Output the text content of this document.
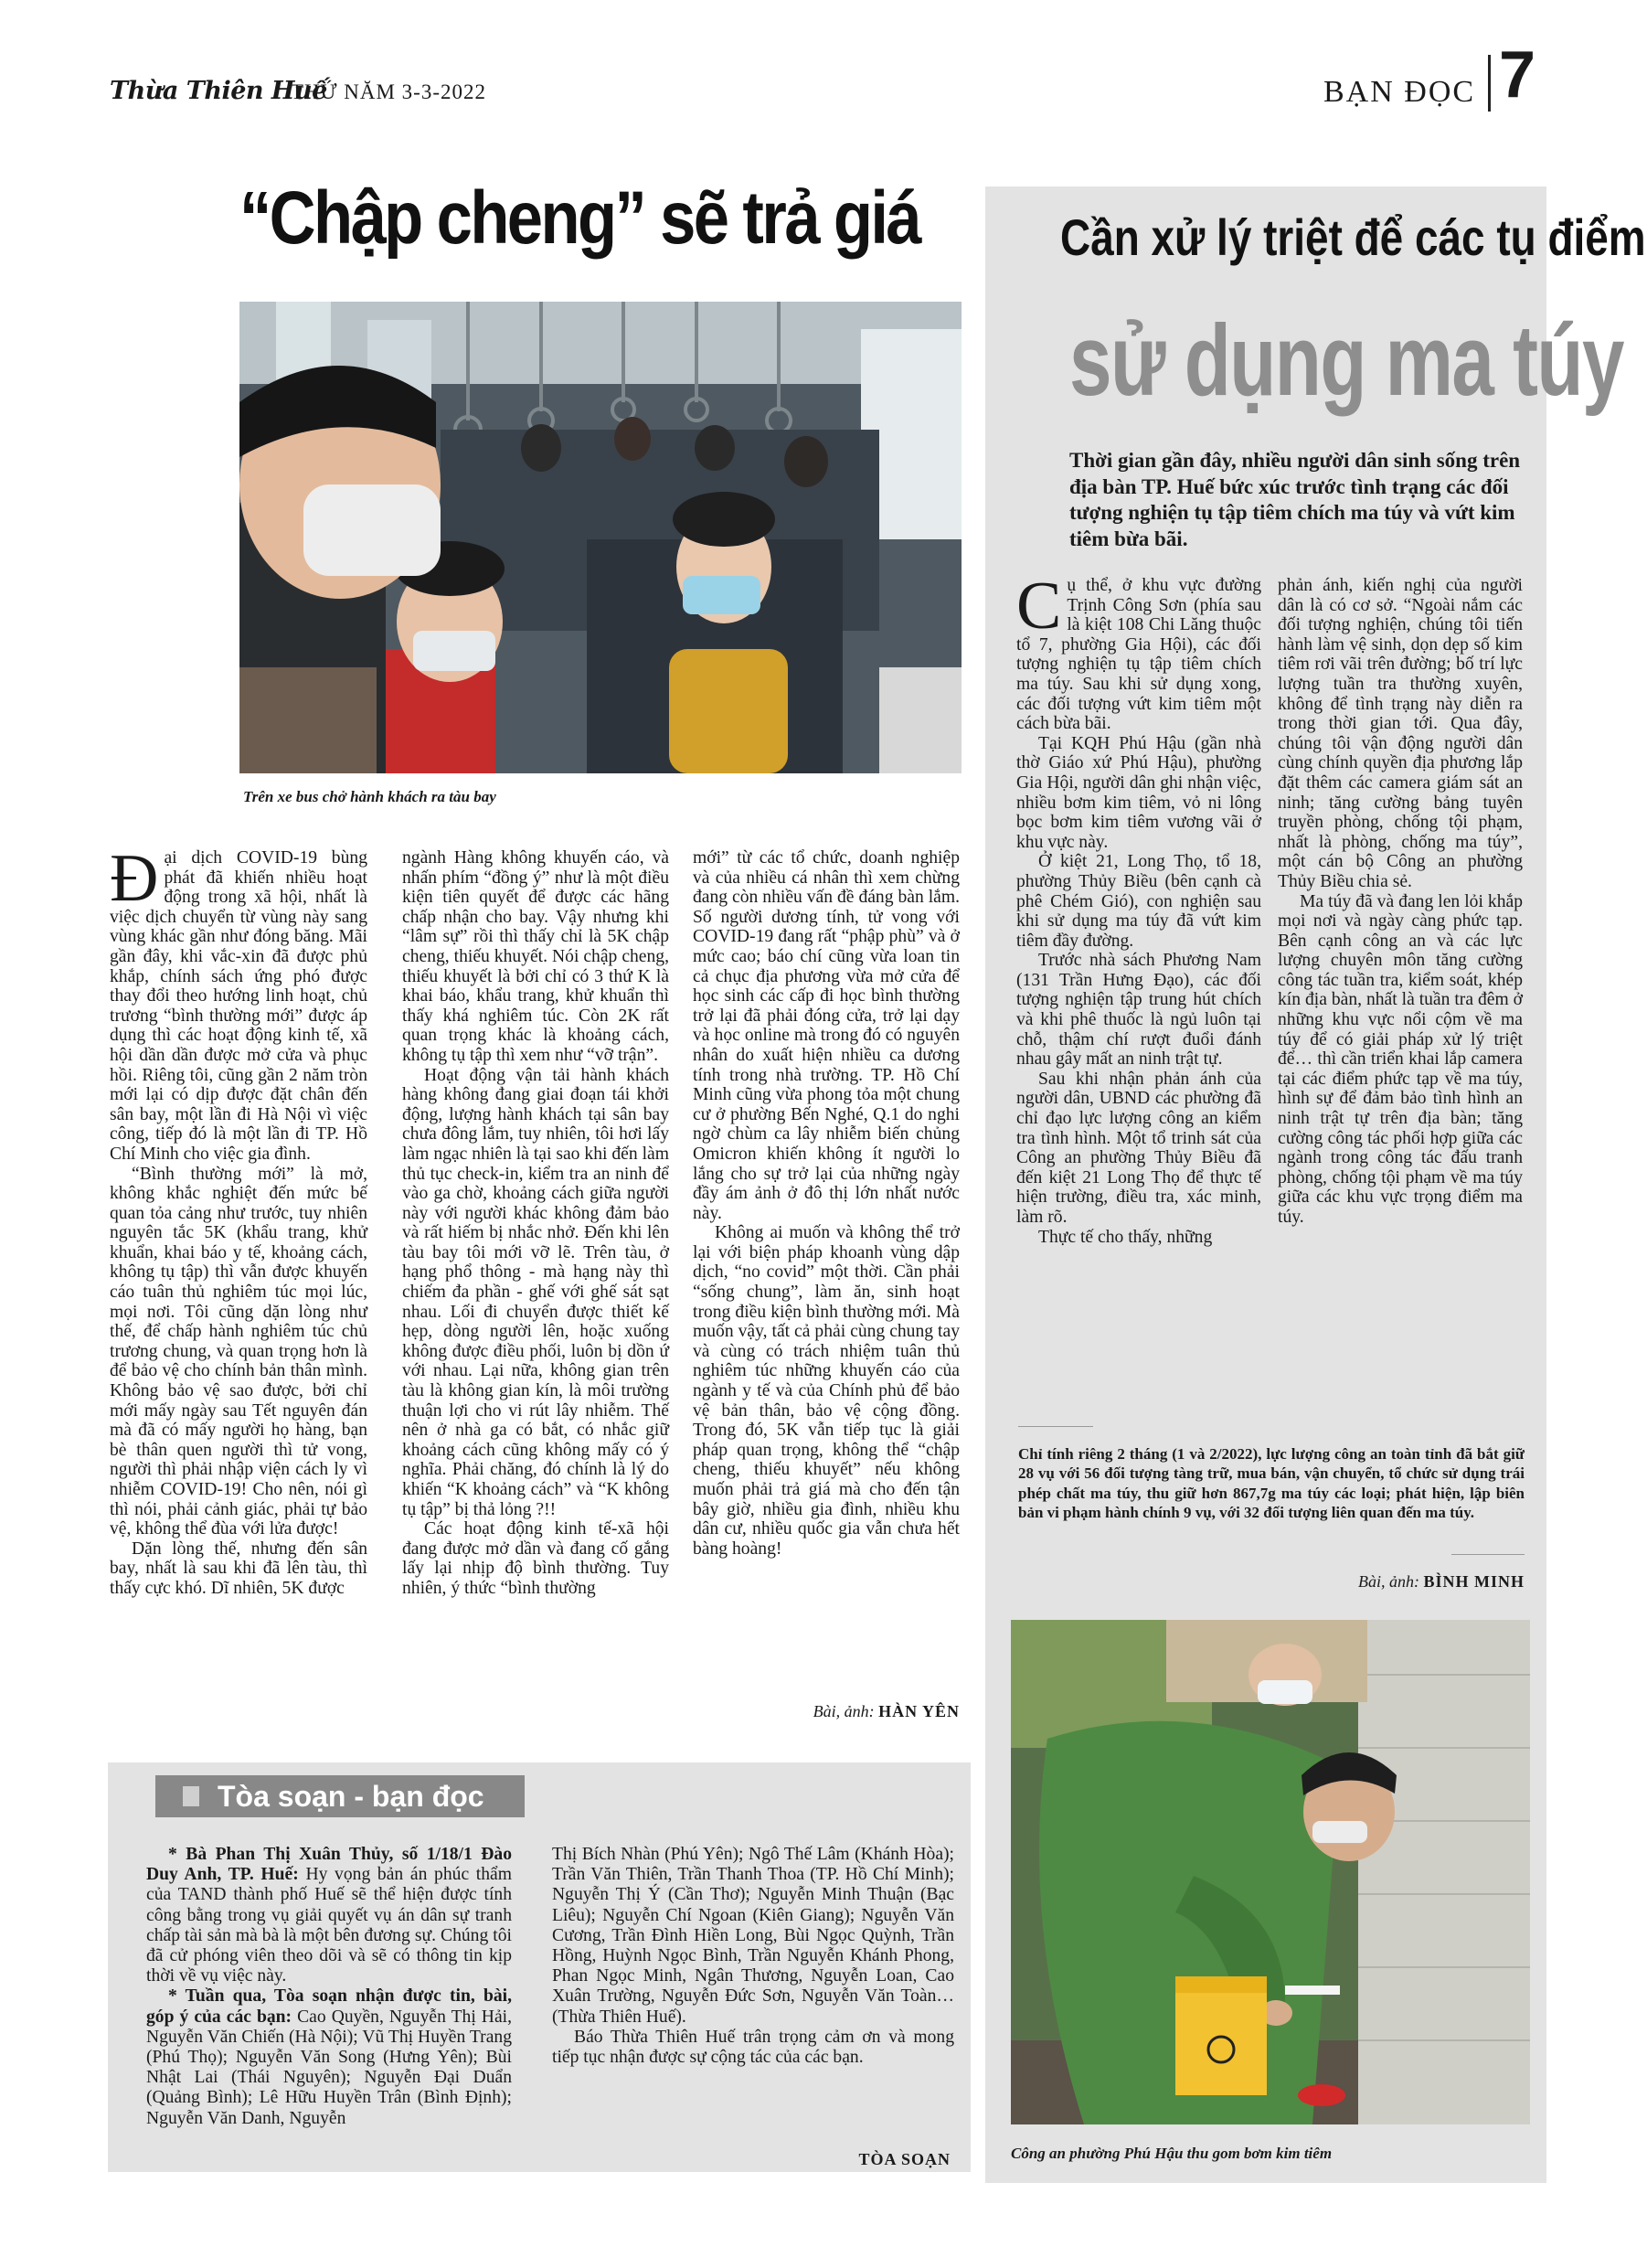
Thừa Thiên Huế
THỨ NĂM 3-3-2022	BẠN ĐỌC 7
“Chập cheng” sẽ trả giá
Trên xe bus chở hành khách ra tàu bay

Đại dịch COVID-19 bùng phát đã khiến nhiều hoạt động trong xã hội, nhất là việc dịch chuyển từ vùng này sang vùng khác gần như đóng băng. Mãi gần đây, khi vắc-xin đã được phủ khắp, chính sách ứng phó được thay đổi theo hướng linh hoạt, chủ trương “bình thường mới” được áp dụng thì các hoạt động kinh tế, xã hội dần dần được mở cửa và phục hồi. Riêng tôi, cũng gần 2 năm tròn mới lại có dịp được đặt chân đến sân bay, một lần đi Hà Nội vì việc công, tiếp đó là một lần đi TP. Hồ Chí Minh cho việc gia đình.

“Bình thường mới” là mở, không khắc nghiệt đến mức bế quan tỏa cảng như trước, tuy nhiên nguyên tắc 5K (khẩu trang, khử khuẩn, khai báo y tế, khoảng cách, không tụ tập) thì vẫn được khuyến cáo tuân thủ nghiêm túc mọi lúc, mọi nơi. Tôi cũng dặn lòng như thế, để chấp hành nghiêm túc chủ trương chung, và quan trọng hơn là để bảo vệ cho chính bản thân mình. Không bảo vệ sao được, bởi chỉ mới mấy ngày sau Tết nguyên đán mà đã có mấy người họ hàng, bạn bè thân quen người thì tử vong, người thì phải nhập viện cách ly vì nhiễm COVID-19! Cho nên, nói gì thì nói, phải cảnh giác, phải tự bảo vệ, không thể đùa với lửa được!

Dặn lòng thế, nhưng đến sân bay, nhất là sau khi đã lên tàu, thì thấy cực khó. Dĩ nhiên, 5K được

ngành Hàng không khuyến cáo, và nhấn phím “đồng ý” như là một điều kiện tiên quyết để được các hãng chấp nhận cho bay. Vậy nhưng khi “lâm sự” rồi thì thấy chỉ là 5K chập cheng, thiếu khuyết. Nói chập cheng, thiếu khuyết là bởi chỉ có 3 thứ K là khai báo, khẩu trang, khử khuẩn thì thấy khá nghiêm túc. Còn 2K rất quan trọng khác là khoảng cách, không tụ tập thì xem như “vỡ trận”.

Hoạt động vận tải hành khách hàng không đang giai đoạn tái khởi động, lượng hành khách tại sân bay chưa đông lắm, tuy nhiên, tôi hơi lấy làm ngạc nhiên là tại sao khi đến làm thủ tục check-in, kiểm tra an ninh để vào ga chờ, khoảng cách giữa người này với người khác không đảm bảo và rất hiếm bị nhắc nhở. Đến khi lên tàu bay tôi mới vỡ lẽ. Trên tàu, ở hạng phổ thông - mà hạng này thì chiếm đa phần - ghế với ghế sát sạt nhau. Lối đi chuyển được thiết kế hẹp, dòng người lên, hoặc xuống không được điều phối, luôn bị dồn ứ với nhau. Lại nữa, không gian trên tàu là không gian kín, là môi trường thuận lợi cho vi rút lây nhiễm. Thế nên ở nhà ga có bắt, có nhắc giữ khoảng cách cũng không mấy có ý nghĩa. Phải chăng, đó chính là lý do khiến “K khoảng cách” và “K không tụ tập” bị thả lỏng ?!!

Các hoạt động kinh tế-xã hội đang được mở dần và đang cố gắng lấy lại nhịp độ bình thường. Tuy nhiên, ý thức “bình thường

mới” từ các tổ chức, doanh nghiệp và của nhiều cá nhân thì xem chừng đang còn nhiều vấn đề đáng bàn lắm. Số người dương tính, tử vong với COVID-19 đang rất “phập phù” và ở mức cao; báo chí cũng vừa loan tin cả chục địa phương vừa mở cửa để học sinh các cấp đi học bình thường trở lại đã phải đóng cửa, trở lại dạy và học online mà trong đó có nguyên nhân do xuất hiện nhiều ca dương tính trong nhà trường. TP. Hồ Chí Minh cũng vừa phong tỏa một chung cư ở phường Bến Nghé, Q.1 do nghi ngờ chùm ca lây nhiễm biến chủng Omicron khiến không ít người lo lắng cho sự trở lại của những ngày đầy ám ảnh ở đô thị lớn nhất nước này.

Không ai muốn và không thể trở lại với biện pháp khoanh vùng dập dịch, “no covid” một thời. Cần phải “sống chung”, làm ăn, sinh hoạt trong điều kiện bình thường mới. Mà muốn vậy, tất cả phải cùng chung tay và cùng có trách nhiệm tuân thủ nghiêm túc những khuyến cáo của ngành y tế và của Chính phủ để bảo vệ bản thân, bảo vệ cộng đồng. Trong đó, 5K vẫn tiếp tục là giải pháp quan trọng, không thể “chập cheng, thiếu khuyết” nếu không muốn phải trả giá mà cho đến tận bây giờ, nhiều gia đình, nhiều khu dân cư, nhiều quốc gia vẫn chưa hết bàng hoàng!

Bài, ảnh: HÀN YÊN
Cần xử lý triệt để các tụ điểm
sử dụng ma túy
Thời gian gần đây, nhiều người dân sinh sống trên địa bàn TP. Huế bức xúc trước tình trạng các đối tượng nghiện tụ tập tiêm chích ma túy và vứt kim tiêm bừa bãi.

Cụ thể, ở khu vực đường Trịnh Công Sơn (phía sau là kiệt 108 Chi Lăng thuộc tổ 7, phường Gia Hội), các đối tượng nghiện tụ tập tiêm chích ma túy. Sau khi sử dụng xong, các đối tượng vứt kim tiêm một cách bừa bãi.

Tại KQH Phú Hậu (gần nhà thờ Giáo xứ Phú Hậu), phường Gia Hội, người dân ghi nhận việc, nhiều bơm kim tiêm, vỏ ni lông bọc bơm kim tiêm vương vãi ở khu vực này.

Ở kiệt 21, Long Thọ, tổ 18, phường Thủy Biều (bên cạnh cà phê Chém Gió), con nghiện sau khi sử dụng ma túy đã vứt kim tiêm đầy đường.

Trước nhà sách Phương Nam (131 Trần Hưng Đạo), các đối tượng nghiện tập trung hút chích và khi phê thuốc là ngủ luôn tại chỗ, thậm chí rượt đuổi đánh nhau gây mất an ninh trật tự.

Sau khi nhận phản ánh của người dân, UBND các phường đã chỉ đạo lực lượng công an kiểm tra tình hình. Một tổ trinh sát của Công an phường Thủy Biều đã đến kiệt 21 Long Thọ để thực tế hiện trường, điều tra, xác minh, làm rõ.

Thực tế cho thấy, những

phản ánh, kiến nghị của người dân là có cơ sở. “Ngoài nắm các đối tượng nghiện, chúng tôi tiến hành làm vệ sinh, dọn dẹp số kim tiêm rơi vãi trên đường; bố trí lực lượng tuần tra thường xuyên, không để tình trạng này diễn ra trong thời gian tới. Qua đây, chúng tôi vận động người dân cùng chính quyền địa phương lắp đặt thêm các camera giám sát an ninh; tăng cường bảng tuyên truyền phòng, chống tội phạm, nhất là phòng, chống ma túy”, một cán bộ Công an phường Thủy Biều chia sẻ.

Ma túy đã và đang len lỏi khắp mọi nơi và ngày càng phức tạp. Bên cạnh công an và các lực lượng chuyên môn tăng cường công tác tuần tra, kiểm soát, khép kín địa bàn, nhất là tuần tra đêm ở những khu vực nổi cộm về ma túy để có giải pháp xử lý triệt để… thì cần triển khai lắp camera tại các điểm phức tạp về ma túy, hình sự để đảm bảo tình hình an ninh trật tự trên địa bàn; tăng cường công tác phối hợp giữa các ngành trong công tác đấu tranh phòng, chống tội phạm về ma túy giữa các khu vực trọng điểm ma túy.

Chỉ tính riêng 2 tháng (1 và 2/2022), lực lượng công an toàn tỉnh đã bắt giữ 28 vụ với 56 đối tượng tàng trữ, mua bán, vận chuyển, tổ chức sử dụng trái phép chất ma túy, thu giữ hơn 867,7g ma túy các loại; phát hiện, lập biên bản vi phạm hành chính 9 vụ, với 32 đối tượng liên quan đến ma túy.
Bài, ảnh: BÌNH MINH
Công an phường Phú Hậu thu gom bơm kim tiêm
Tòa soạn - bạn đọc

* Bà Phan Thị Xuân Thủy, số 1/18/1 Đào Duy Anh, TP. Huế: Hy vọng bản án phúc thẩm của TAND thành phố Huế sẽ thể hiện được tính công bằng trong vụ giải quyết vụ án dân sự tranh chấp tài sản mà bà là một bên đương sự. Chúng tôi đã cử phóng viên theo dõi và sẽ có thông tin kịp thời về vụ việc này.

* Tuần qua, Tòa soạn nhận được tin, bài, góp ý của các bạn: Cao Quyền, Nguyễn Thị Hải, Nguyễn Văn Chiến (Hà Nội); Vũ Thị Huyền Trang (Phú Thọ); Nguyễn Văn Song (Hưng Yên); Bùi Nhật Lai (Thái Nguyên); Nguyễn Đại Duẩn (Quảng Bình); Lê Hữu Huyền Trân (Bình Định); Nguyễn Văn Danh, Nguyễn

Thị Bích Nhàn (Phú Yên); Ngô Thế Lâm (Khánh Hòa); Trần Văn Thiên, Trần Thanh Thoa (TP. Hồ Chí Minh); Nguyễn Thị Ý (Cần Thơ); Nguyễn Minh Thuận (Bạc Liêu); Nguyễn Chí Ngoan (Kiên Giang); Nguyễn Văn Cương, Trần Đình Hiền Long, Bùi Ngọc Quỳnh, Trần Hồng, Huỳnh Ngọc Bình, Trần Nguyễn Khánh Phong, Phan Ngọc Minh, Ngân Thương, Nguyễn Loan, Cao Xuân Trường, Nguyễn Đức Sơn, Nguyễn Văn Toàn… (Thừa Thiên Huế).

Báo Thừa Thiên Huế trân trọng cảm ơn và mong tiếp tục nhận được sự cộng tác của các bạn.

TÒA SOẠN
